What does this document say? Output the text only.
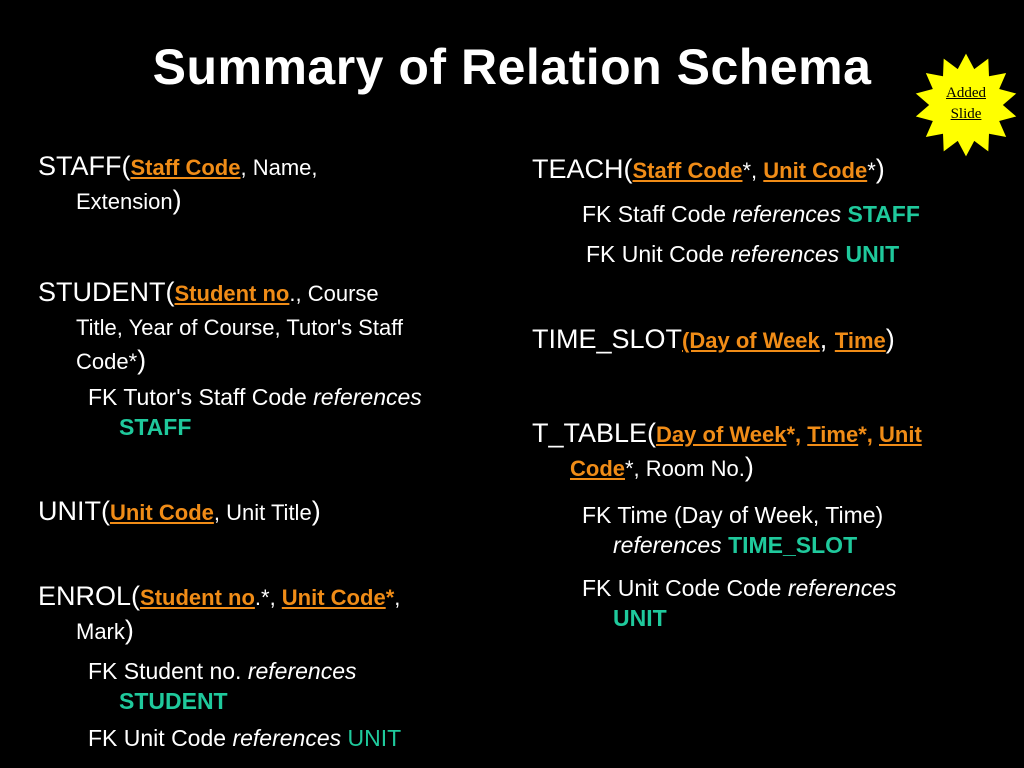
Summary of Relation Schema	Added
Slide
STAFF(Staff Code, Name,
Extension)
STUDENT(Student no., Course
Title, Year of Course, Tutor's Staff
Code*)
FK Tutor's Staff Code references
STAFF
UNIT(Unit Code, Unit Title)
ENROL(Student no.*, Unit Code*,
Mark)
FK Student no. references
STUDENT
FK Unit Code references UNIT
TEACH(Staff Code*, Unit Code*)
FK Staff Code references STAFF
FK Unit Code references UNIT
TIME_SLOT(Day of Week, Time)
T_TABLE(Day of Week*, Time*, Unit
Code*, Room No.)
FK Time (Day of Week, Time)
references TIME_SLOT
FK Unit Code Code references
UNIT
